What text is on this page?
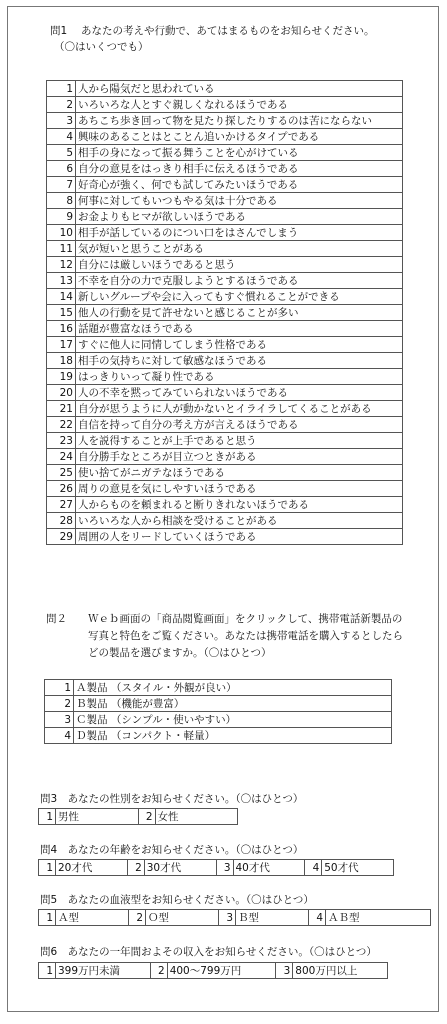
問1　 あなたの考えや行動で、あてはまるものをお知らせください。
（〇はいくつでも）
1	人から陽気だと思われている
2	いろいろな人とすぐ親しくなれるほうである
3	あちこち歩き回って物を見たり探したりするのは苦にならない
4	興味のあることはとことん追いかけるタイプである
5	相手の身になって振る舞うことを心がけている
6	自分の意見をはっきり相手に伝えるほうである
7	好奇心が強く、何でも試してみたいほうである
8	何事に対してもいつもやる気は十分である
9	お金よりもヒマが欲しいほうである
10	相手が話しているのについ口をはさんでしまう
11	気が短いと思うことがある
12	自分には厳しいほうであると思う
13	不幸を自分の力で克服しようとするほうである
14	新しいグループや会に入ってもすぐ慣れることができる
15	他人の行動を見て許せないと感じることが多い
16	話題が豊富なほうである
17	すぐに他人に同情してしまう性格である
18	相手の気持ちに対して敏感なほうである
19	はっきりいって凝り性である
20	人の不幸を黙ってみていられないほうである
21	自分が思うように人が動かないとイライラしてくることがある
22	自信を持って自分の考え方が言えるほうである
23	人を説得することが上手であると思う
24	自分勝手なところが目立つときがある
25	使い捨てがニガテなほうである
26	周りの意見を気にしやすいほうである
27	人からものを頼まれると断りきれないほうである
28	いろいろな人から相談を受けることがある
29	周囲の人をリードしていくほうである
問２ Ｗｅｂ画面の「商品閲覧画面」をクリックして、携帯電話新製品の
写真と特色をご覧ください。あなたは携帯電話を購入するとしたら
どの製品を選びますか。（〇はひとつ）
1	Ａ製品 （スタイル・外観が良い）
2	Ｂ製品 （機能が豊富）
3	Ｃ製品 （シンプル・使いやすい）
4	Ｄ製品 （コンパクト・軽量）
問3　あなたの性別をお知らせください。（〇はひとつ）
1	男性	2	女性
問4　あなたの年齢をお知らせください。（〇はひとつ）
1	20才代	2	30才代	3	40才代	4	50才代
問5　あなたの血液型をお知らせください。（〇はひとつ）
1	Ａ型	2	Ｏ型	3	Ｂ型	4	ＡＢ型
問6　あなたの一年間およその収入をお知らせください。（〇はひとつ）
1	399万円未満	2	400～799万円	3	800万円以上
